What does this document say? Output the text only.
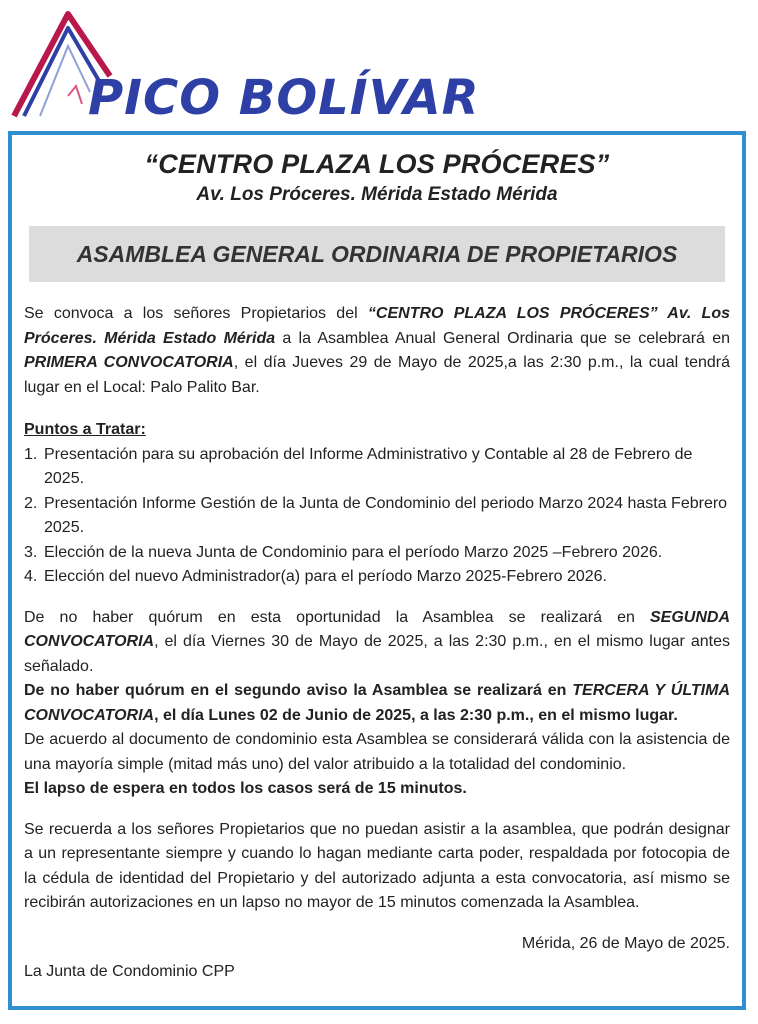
PICO BOLÍVAR
“CENTRO PLAZA LOS PRÓCERES”
Av. Los Próceres. Mérida Estado Mérida
ASAMBLEA GENERAL ORDINARIA DE PROPIETARIOS

Se convoca a los señores Propietarios del “CENTRO PLAZA LOS PRÓCERES” Av. Los Próceres. Mérida Estado Mérida a la Asamblea Anual General Ordinaria que se celebrará en PRIMERA CONVOCATORIA, el día Jueves 29 de Mayo de 2025,a las 2:30 p.m., la cual tendrá lugar en el Local: Palo Palito Bar.

Puntos a Tratar:
1. Presentación para su aprobación del Informe Administrativo y Contable al 28 de Febrero de 2025.
2. Presentación Informe Gestión de la Junta de Condominio del periodo Marzo 2024 hasta Febrero 2025.
3. Elección de la nueva Junta de Condominio para el período Marzo 2025 –Febrero 2026.
4. Elección del nuevo Administrador(a) para el período Marzo 2025-Febrero 2026.

De no haber quórum en esta oportunidad la Asamblea se realizará en SEGUNDA CONVOCATORIA, el día Viernes 30 de Mayo de 2025, a las 2:30 p.m., en el mismo lugar antes señalado.

De no haber quórum en el segundo aviso la Asamblea se realizará en TERCERA Y ÚLTIMA CONVOCATORIA, el día Lunes 02 de Junio de 2025, a las 2:30 p.m., en el mismo lugar.

De acuerdo al documento de condominio esta Asamblea se considerará válida con la asistencia de una mayoría simple (mitad más uno) del valor atribuido a la totalidad del condominio.

El lapso de espera en todos los casos será de 15 minutos.

Se recuerda a los señores Propietarios que no puedan asistir a la asamblea, que podrán designar a un representante siempre y cuando lo hagan mediante carta poder, respaldada por fotocopia de la cédula de identidad del Propietario y del autorizado adjunta a esta convocatoria, así mismo se recibirán autorizaciones en un lapso no mayor de 15 minutos comenzada la Asamblea.

Mérida, 26 de Mayo de 2025.

La Junta de Condominio CPP
